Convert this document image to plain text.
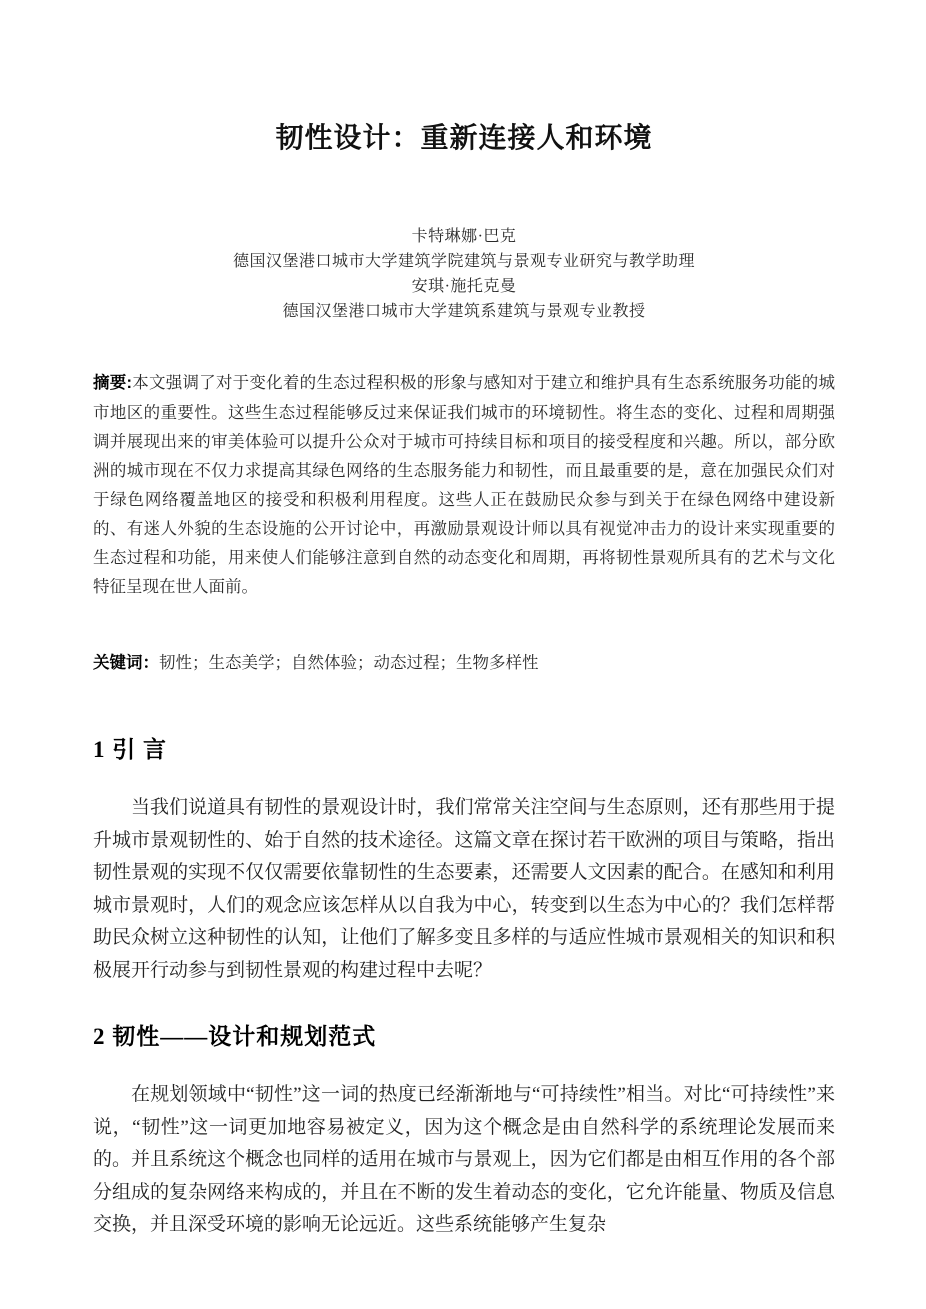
韧性设计：重新连接人和环境
卡特琳娜·巴克
德国汉堡港口城市大学建筑学院建筑与景观专业研究与教学助理
安琪·施托克曼
德国汉堡港口城市大学建筑系建筑与景观专业教授

摘要:本文强调了对于变化着的生态过程积极的形象与感知对于建立和维护具有生态系统服务功能的城市地区的重要性。这些生态过程能够反过来保证我们城市的环境韧性。将生态的变化、过程和周期强调并展现出来的审美体验可以提升公众对于城市可持续目标和项目的接受程度和兴趣。所以，部分欧洲的城市现在不仅力求提高其绿色网络的生态服务能力和韧性，而且最重要的是，意在加强民众们对于绿色网络覆盖地区的接受和积极利用程度。这些人正在鼓励民众参与到关于在绿色网络中建设新的、有迷人外貌的生态设施的公开讨论中，再激励景观设计师以具有视觉冲击力的设计来实现重要的生态过程和功能，用来使人们能够注意到自然的动态变化和周期，再将韧性景观所具有的艺术与文化特征呈现在世人面前。

关键词：韧性；生态美学；自然体验；动态过程；生物多样性

1 引 言

当我们说道具有韧性的景观设计时，我们常常关注空间与生态原则，还有那些用于提升城市景观韧性的、始于自然的技术途径。这篇文章在探讨若干欧洲的项目与策略，指出韧性景观的实现不仅仅需要依靠韧性的生态要素，还需要人文因素的配合。在感知和利用城市景观时，人们的观念应该怎样从以自我为中心，转变到以生态为中心的？我们怎样帮助民众树立这种韧性的认知，让他们了解多变且多样的与适应性城市景观相关的知识和积极展开行动参与到韧性景观的构建过程中去呢？

2 韧性——设计和规划范式

在规划领域中“韧性”这一词的热度已经渐渐地与“可持续性”相当。对比“可持续性”来说，“韧性”这一词更加地容易被定义，因为这个概念是由自然科学的系统理论发展而来的。并且系统这个概念也同样的适用在城市与景观上，因为它们都是由相互作用的各个部分组成的复杂网络来构成的，并且在不断的发生着动态的变化，它允许能量、物质及信息交换，并且深受环境的影响无论远近。这些系统能够产生复杂
